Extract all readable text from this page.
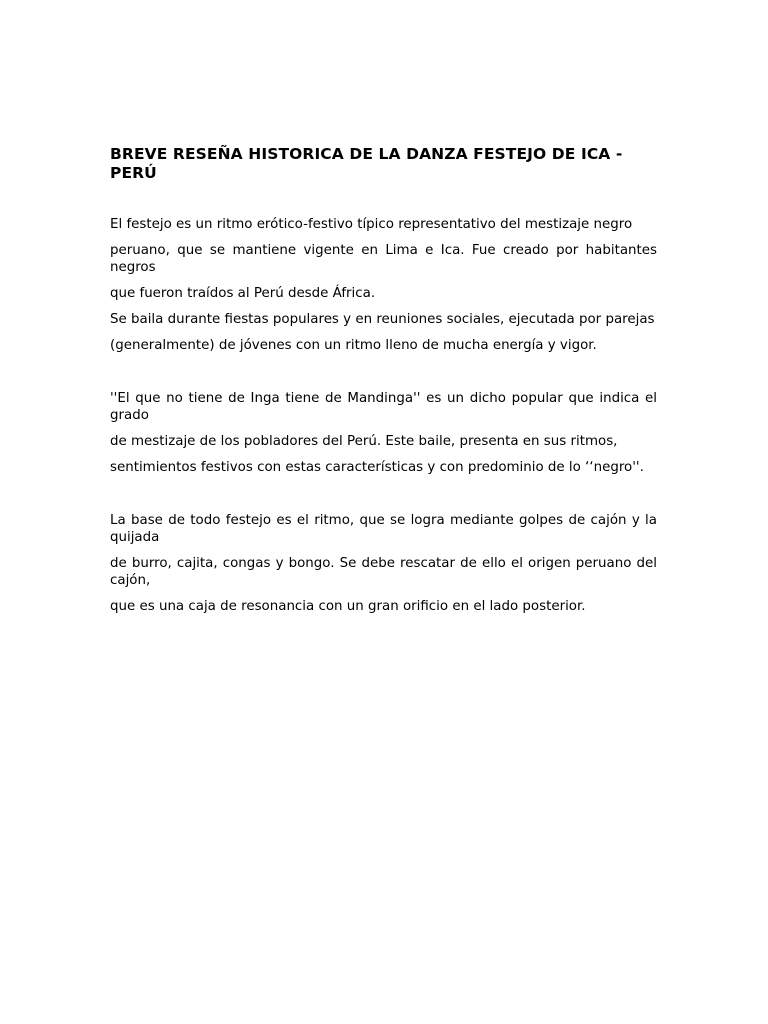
BREVE RESEÑA HISTORICA DE LA DANZA FESTEJO DE ICA - PERÚ
El festejo es un ritmo erótico-festivo típico representativo del mestizaje negro
peruano, que se mantiene vigente en Lima e Ica. Fue creado por habitantes negros
que fueron traídos al Perú desde África.
Se baila durante fiestas populares y en reuniones sociales, ejecutada por parejas
(generalmente) de jóvenes con un ritmo lleno de mucha energía y vigor.
''El que no tiene de Inga tiene de Mandinga'' es un dicho popular que indica el grado
de mestizaje de los pobladores del Perú. Este baile, presenta en sus ritmos,
sentimientos festivos con estas características y con predominio de lo ‘‘negro''.
La base de todo festejo es el ritmo, que se logra mediante golpes de cajón y la quijada
de burro, cajita, congas y bongo. Se debe rescatar de ello el origen peruano del cajón,
que es una caja de resonancia con un gran orificio en el lado posterior.
